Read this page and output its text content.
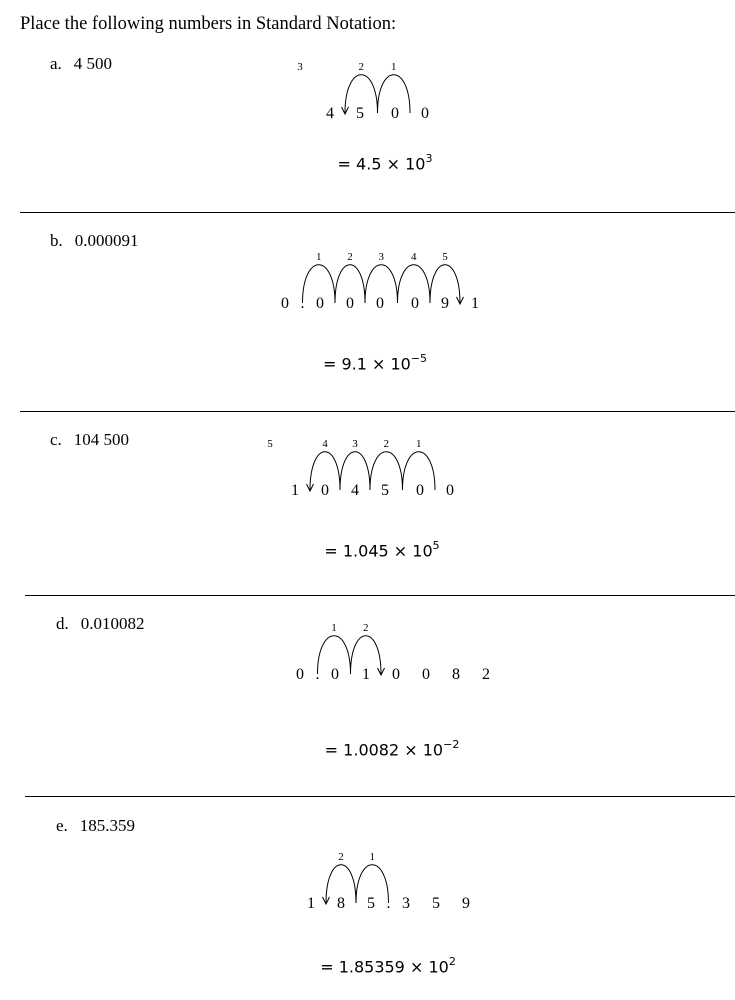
Place the following numbers in Standard Notation:
a. 4 500
4 5 0 0
3	1
2
= $4.5 \times 10^3$
b. 0.000091
0 0 0 0 0 9 1
.
1 2 3 4 5
= $9.1 \times 10^{-5}$
c. 104 500
1 0 4 5 0 0
5	1
2
3
4
= $1.045 \times 10^5$
d. 0.010082
0 0 1 0 0 8 2
.
1 2
= $1.0082 \times 10^{-2}$
e. 185.359
1 8 5 3 5 9
.
1
2
= $1.85359 \times 10^2$
